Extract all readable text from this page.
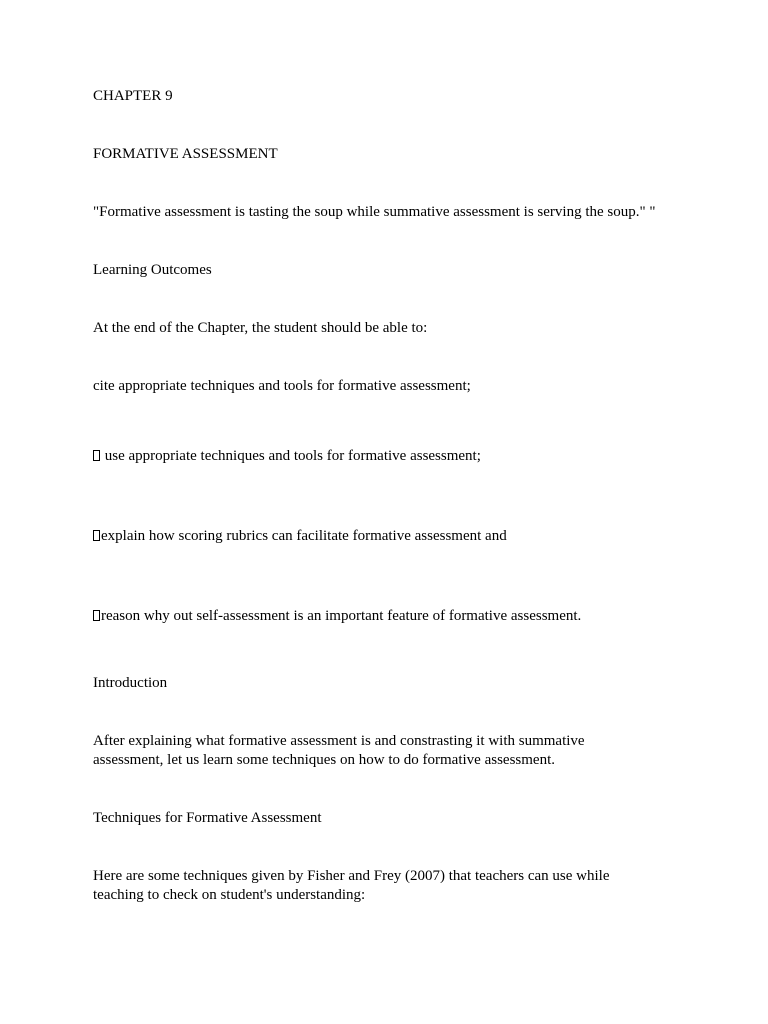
CHAPTER 9
FORMATIVE ASSESSMENT
"Formative assessment is tasting the soup while summative assessment is serving the soup." "
Learning Outcomes
At the end of the Chapter, the student should be able to:
cite appropriate techniques and tools for formative assessment;
use appropriate techniques and tools for formative assessment;
explain how scoring rubrics can facilitate formative assessment and
reason why out self-assessment is an important feature of formative assessment.
Introduction
After explaining what formative assessment is and constrasting it with summative assessment, let us learn some techniques on how to do formative assessment.
Techniques for Formative Assessment
Here are some techniques given by Fisher and Frey (2007) that teachers can use while teaching to check on student's understanding:
